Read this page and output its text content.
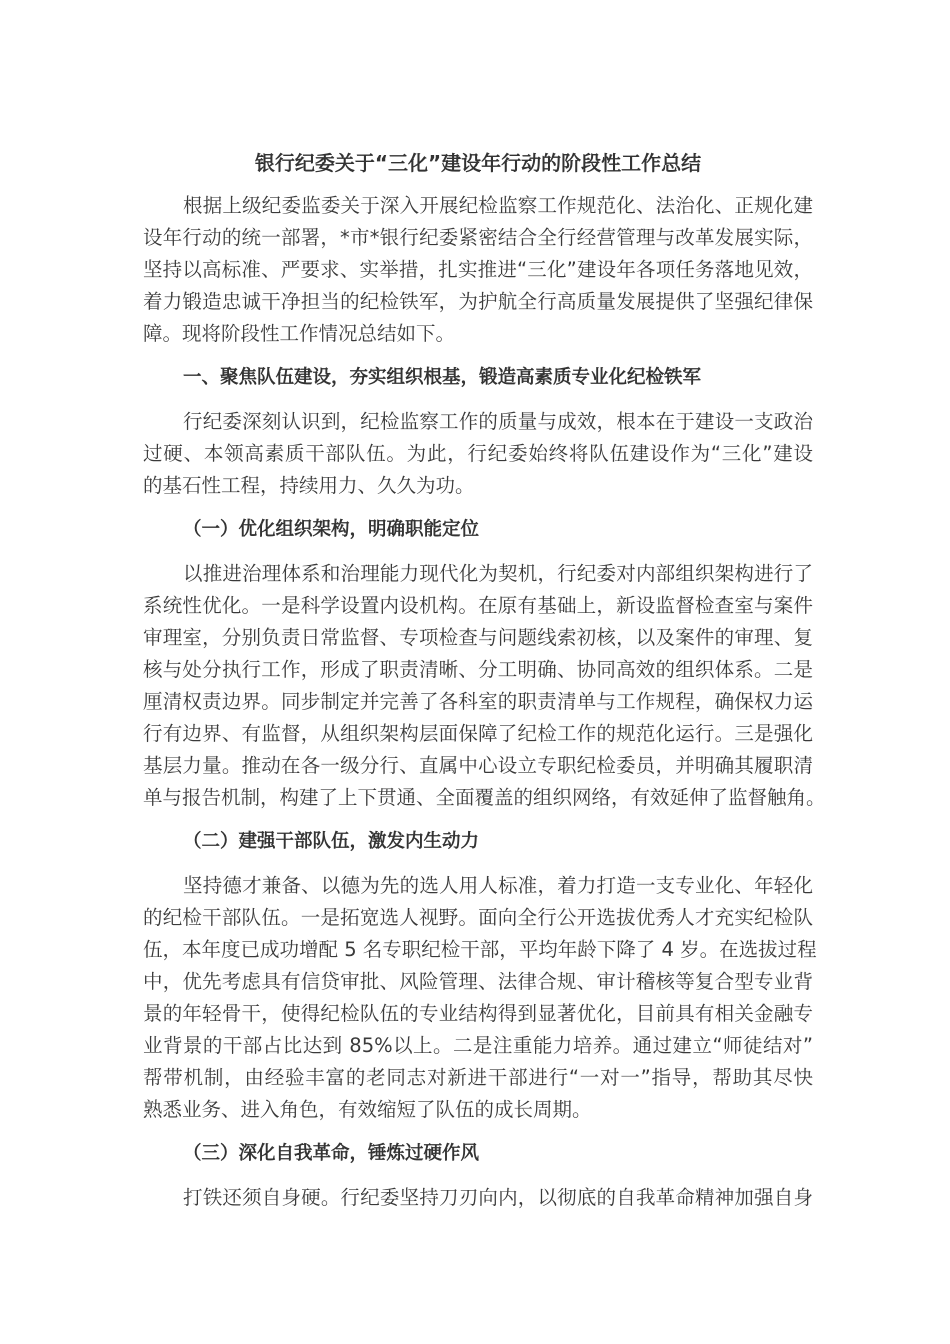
银行纪委关于“三化”建设年行动的阶段性工作总结
根据上级纪委监委关于深入开展纪检监察工作规范化、法治化、正规化建
设年行动的统一部署，*市*银行纪委紧密结合全行经营管理与改革发展实际，
坚持以高标准、严要求、实举措，扎实推进“三化”建设年各项任务落地见效，
着力锻造忠诚干净担当的纪检铁军，为护航全行高质量发展提供了坚强纪律保
障。现将阶段性工作情况总结如下。
一、聚焦队伍建设，夯实组织根基，锻造高素质专业化纪检铁军
行纪委深刻认识到，纪检监察工作的质量与成效，根本在于建设一支政治
过硬、本领高素质干部队伍。为此，行纪委始终将队伍建设作为“三化”建设
的基石性工程，持续用力、久久为功。
（一）优化组织架构，明确职能定位
以推进治理体系和治理能力现代化为契机，行纪委对内部组织架构进行了
系统性优化。一是科学设置内设机构。在原有基础上，新设监督检查室与案件
审理室，分别负责日常监督、专项检查与问题线索初核，以及案件的审理、复
核与处分执行工作，形成了职责清晰、分工明确、协同高效的组织体系。二是
厘清权责边界。同步制定并完善了各科室的职责清单与工作规程，确保权力运
行有边界、有监督，从组织架构层面保障了纪检工作的规范化运行。三是强化
基层力量。推动在各一级分行、直属中心设立专职纪检委员，并明确其履职清
单与报告机制，构建了上下贯通、全面覆盖的组织网络，有效延伸了监督触角。
（二）建强干部队伍，激发内生动力
坚持德才兼备、以德为先的选人用人标准，着力打造一支专业化、年轻化
的纪检干部队伍。一是拓宽选人视野。面向全行公开选拔优秀人才充实纪检队
伍，本年度已成功增配 5 名专职纪检干部，平均年龄下降了 4 岁。在选拔过程
中，优先考虑具有信贷审批、风险管理、法律合规、审计稽核等复合型专业背
景的年轻骨干，使得纪检队伍的专业结构得到显著优化，目前具有相关金融专
业背景的干部占比达到 85%以上。二是注重能力培养。通过建立“师徒结对”
帮带机制，由经验丰富的老同志对新进干部进行“一对一”指导，帮助其尽快
熟悉业务、进入角色，有效缩短了队伍的成长周期。
（三）深化自我革命，锤炼过硬作风
打铁还须自身硬。行纪委坚持刀刃向内，以彻底的自我革命精神加强自身
